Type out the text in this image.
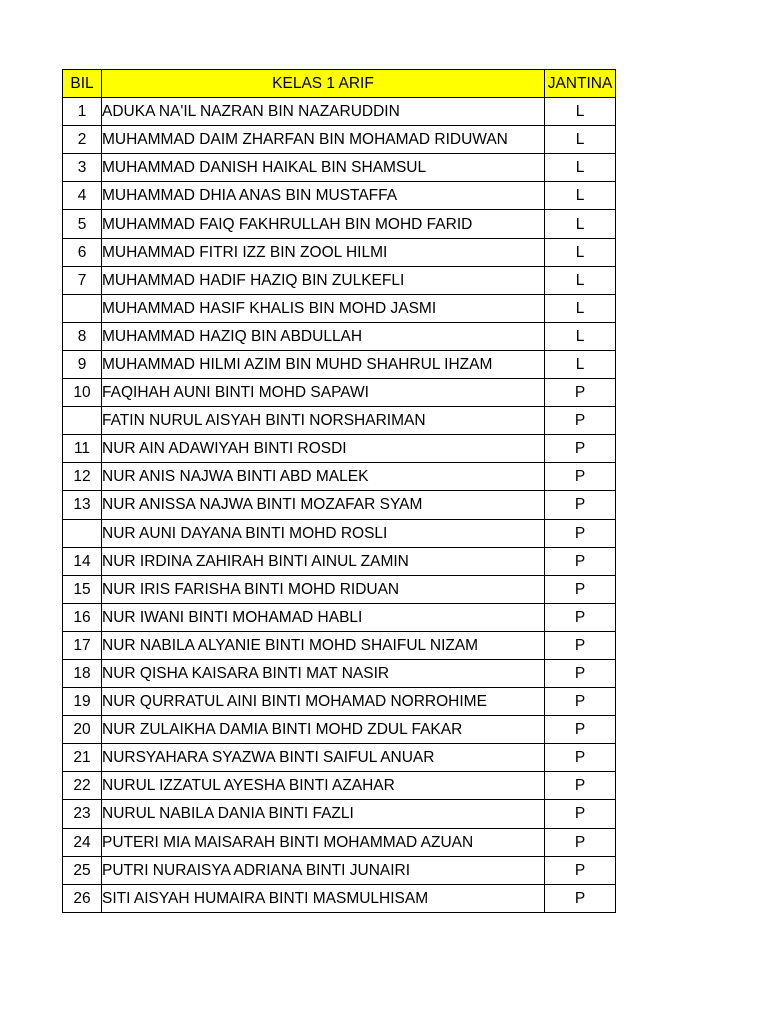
BIL	KELAS 1 ARIF	JANTINA
1	ADUKA NA'IL NAZRAN BIN NAZARUDDIN	L
2	MUHAMMAD DAIM ZHARFAN BIN MOHAMAD RIDUWAN	L
3	MUHAMMAD DANISH HAIKAL BIN SHAMSUL	L
4	MUHAMMAD DHIA ANAS BIN MUSTAFFA	L
5	MUHAMMAD FAIQ FAKHRULLAH BIN MOHD FARID	L
6	MUHAMMAD FITRI IZZ BIN ZOOL HILMI	L
7	MUHAMMAD HADIF HAZIQ BIN ZULKEFLI	L
	MUHAMMAD HASIF KHALIS BIN MOHD JASMI	L
8	MUHAMMAD HAZIQ BIN ABDULLAH	L
9	MUHAMMAD HILMI AZIM BIN MUHD SHAHRUL IHZAM	L
10	FAQIHAH AUNI BINTI MOHD SAPAWI	P
	FATIN NURUL AISYAH BINTI NORSHARIMAN	P
11	NUR AIN ADAWIYAH BINTI ROSDI	P
12	NUR ANIS NAJWA BINTI ABD MALEK	P
13	NUR ANISSA NAJWA BINTI MOZAFAR SYAM	P
	NUR AUNI DAYANA BINTI MOHD ROSLI	P
14	NUR IRDINA ZAHIRAH BINTI AINUL ZAMIN	P
15	NUR IRIS FARISHA BINTI MOHD RIDUAN	P
16	NUR IWANI BINTI MOHAMAD HABLI	P
17	NUR NABILA ALYANIE BINTI MOHD SHAIFUL NIZAM	P
18	NUR QISHA KAISARA BINTI MAT NASIR	P
19	NUR QURRATUL AINI BINTI MOHAMAD NORROHIME	P
20	NUR ZULAIKHA DAMIA BINTI MOHD ZDUL FAKAR	P
21	NURSYAHARA SYAZWA BINTI SAIFUL ANUAR	P
22	NURUL IZZATUL AYESHA BINTI AZAHAR	P
23	NURUL NABILA DANIA BINTI FAZLI	P
24	PUTERI MIA MAISARAH BINTI MOHAMMAD AZUAN	P
25	PUTRI NURAISYA ADRIANA BINTI JUNAIRI	P
26	SITI AISYAH HUMAIRA BINTI MASMULHISAM	P
